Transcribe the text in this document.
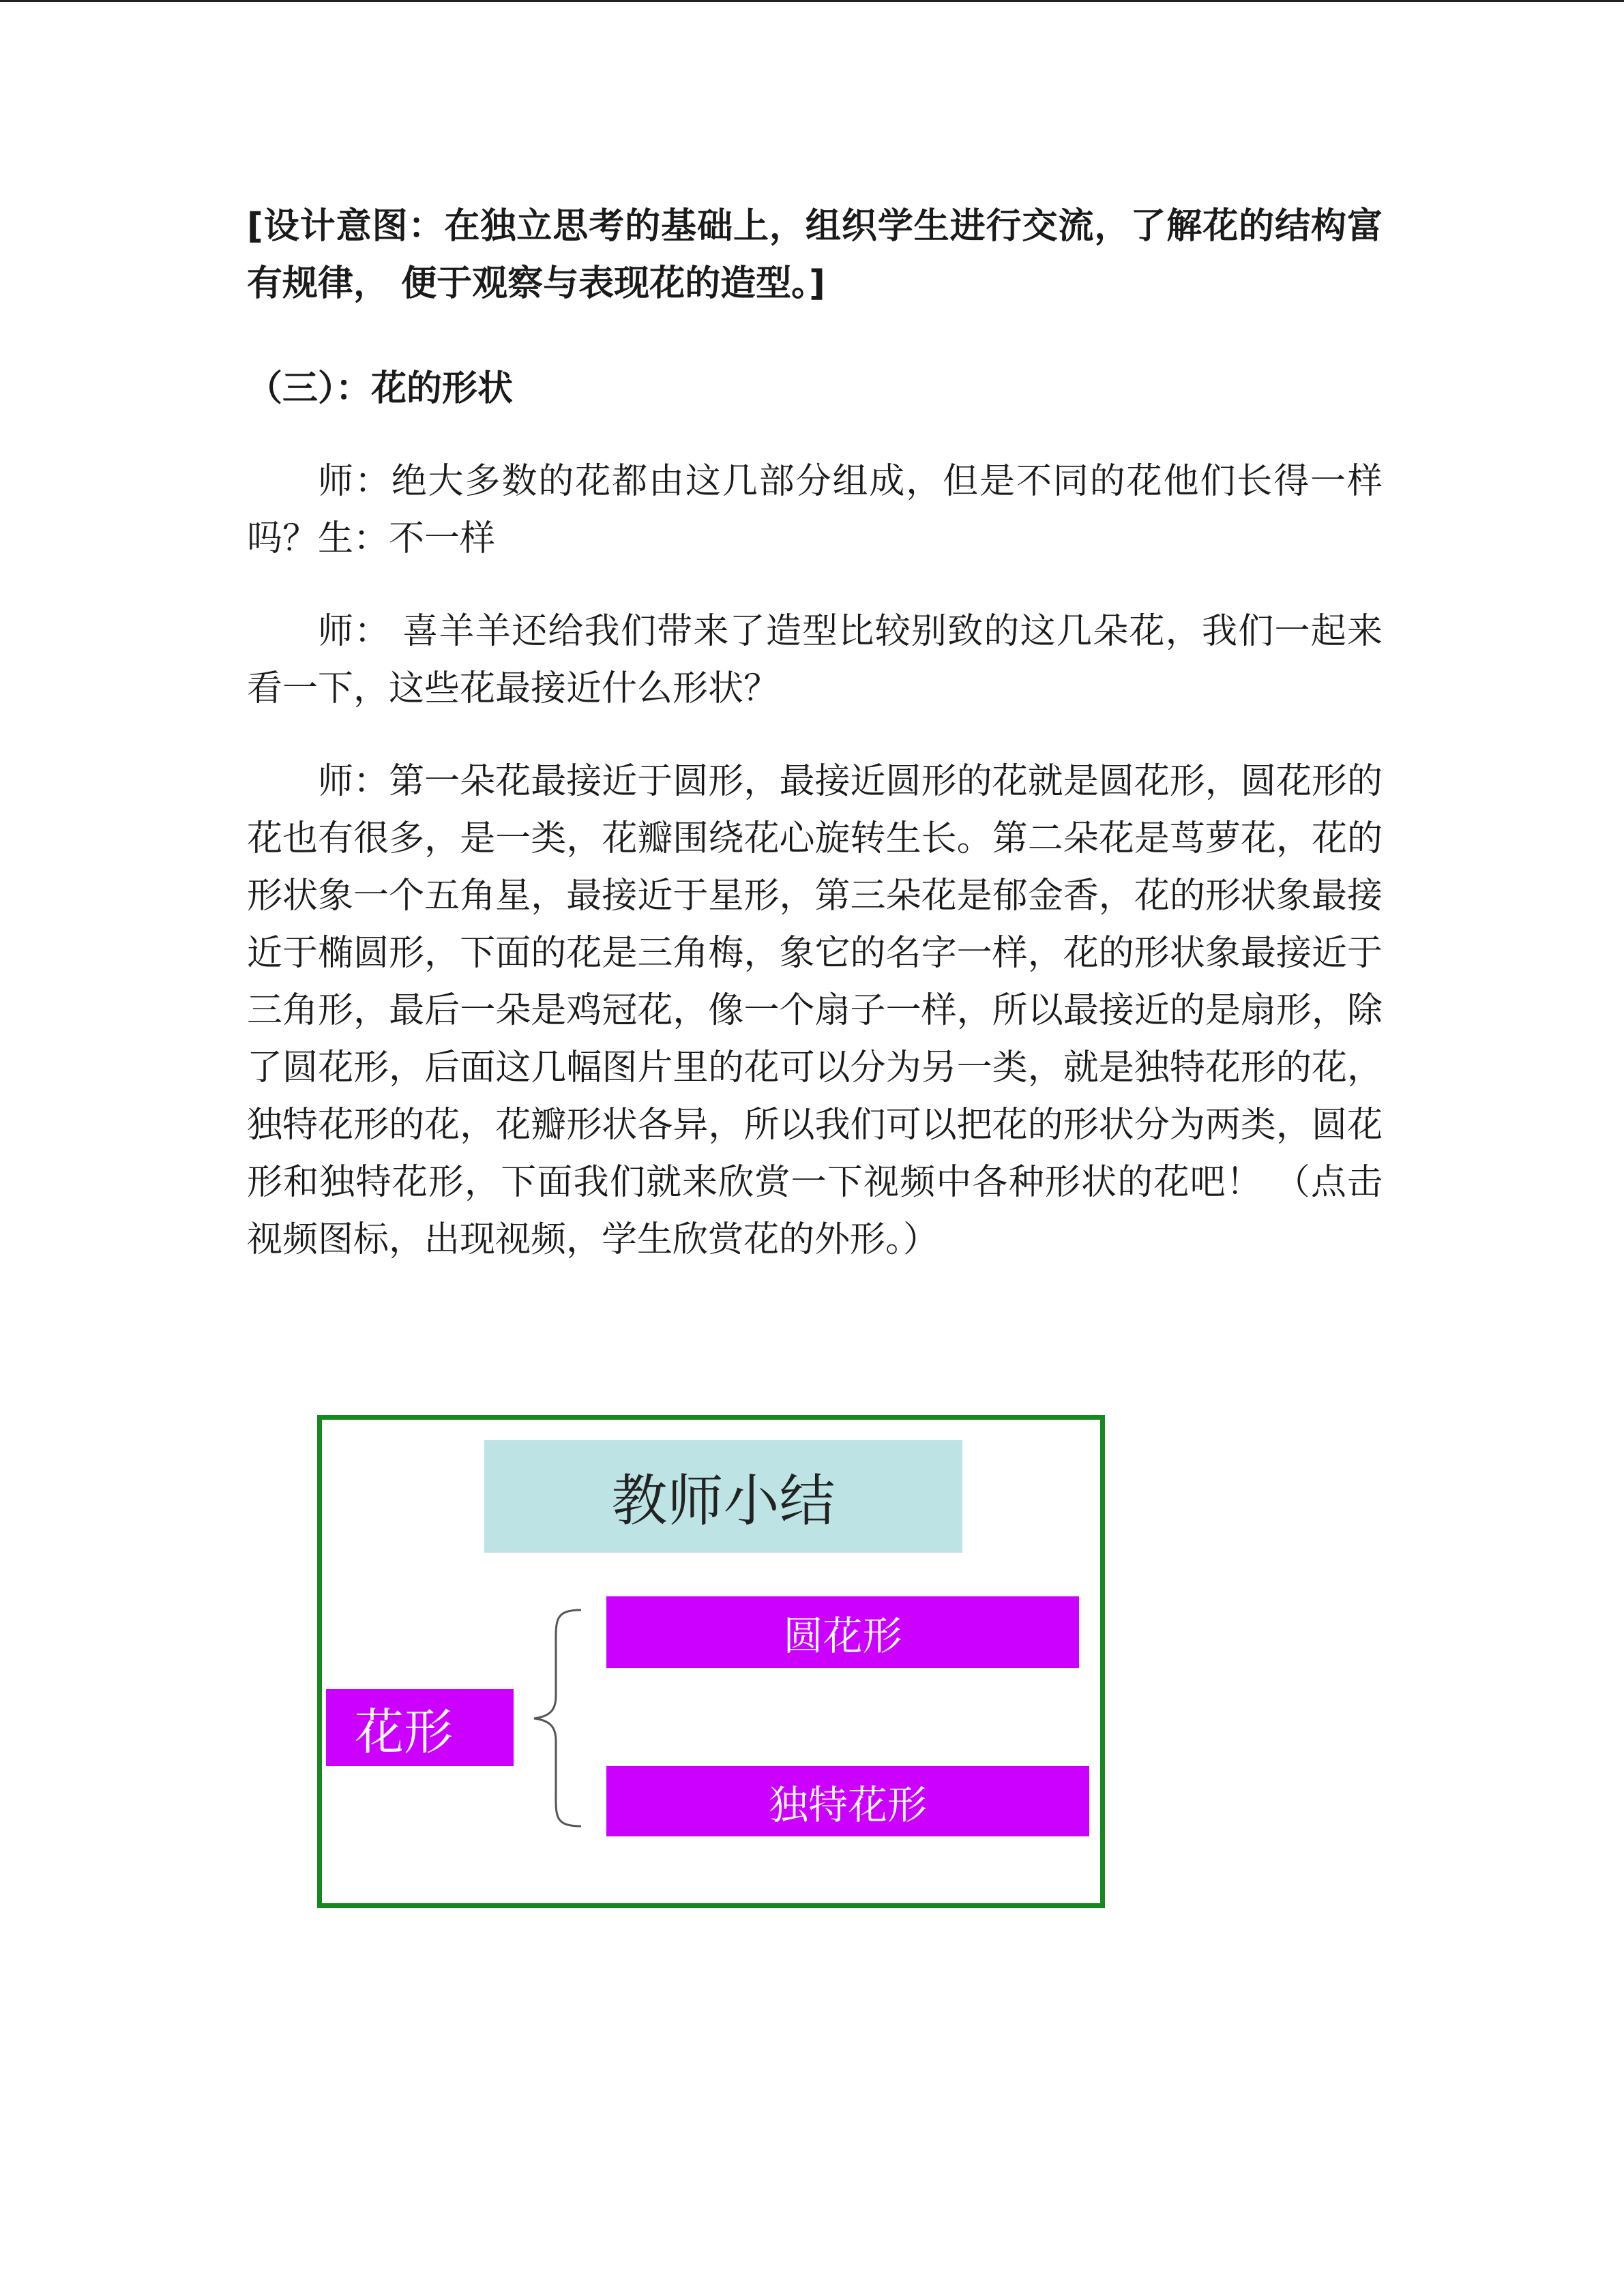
[设计意图：在独立思考的基础上，组织学生进行交流，了解花的结构富有规律， 便于观察与表现花的造型。]

（三）：花的形状

师：绝大多数的花都由这几部分组成，但是不同的花他们长得一样吗？生：不一样

师： 喜羊羊还给我们带来了造型比较别致的这几朵花，我们一起来看一下，这些花最接近什么形状？

师：第一朵花最接近于圆形，最接近圆形的花就是圆花形，圆花形的花也有很多，是一类，花瓣围绕花心旋转生长。第二朵花是茑萝花，花的形状象一个五角星，最接近于星形，第三朵花是郁金香，花的形状象最接近于椭圆形，下面的花是三角梅，象它的名字一样，花的形状象最接近于三角形，最后一朵是鸡冠花，像一个扇子一样，所以最接近的是扇形，除了圆花形，后面这几幅图片里的花可以分为另一类，就是独特花形的花，独特花形的花，花瓣形状各异，所以我们可以把花的形状分为两类，圆花形和独特花形，下面我们就来欣赏一下视频中各种形状的花吧！ （点击视频图标，出现视频，学生欣赏花的外形。）

教师小结
花形
圆花形
独特花形
